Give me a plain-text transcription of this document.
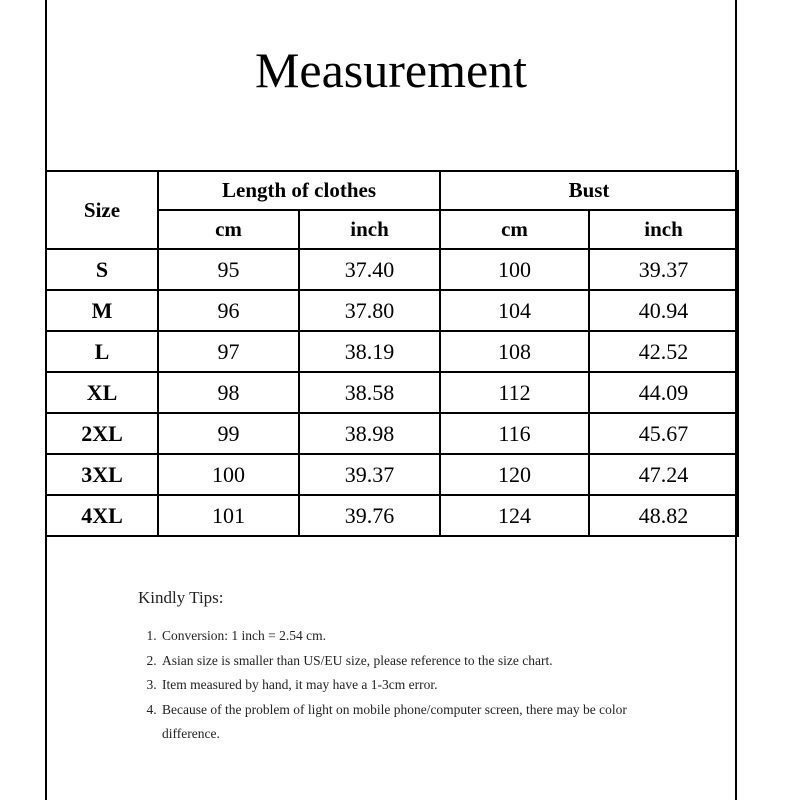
Measurement
Size	Length of clothes		Bust	
	cm	inch	cm	inch
S	95	37.40	100	39.37
M	96	37.80	104	40.94
L	97	38.19	108	42.52
XL	98	38.58	112	44.09
2XL	99	38.98	116	45.67
3XL	100	39.37	120	47.24
4XL	101	39.76	124	48.82
Kindly Tips:
1. Conversion: 1 inch = 2.54 cm.
2. Asian size is smaller than US/EU size, please reference to the size chart.
3. Item measured by hand, it may have a 1-3cm error.
4. Because of the problem of light on mobile phone/computer screen, there may be color difference.
